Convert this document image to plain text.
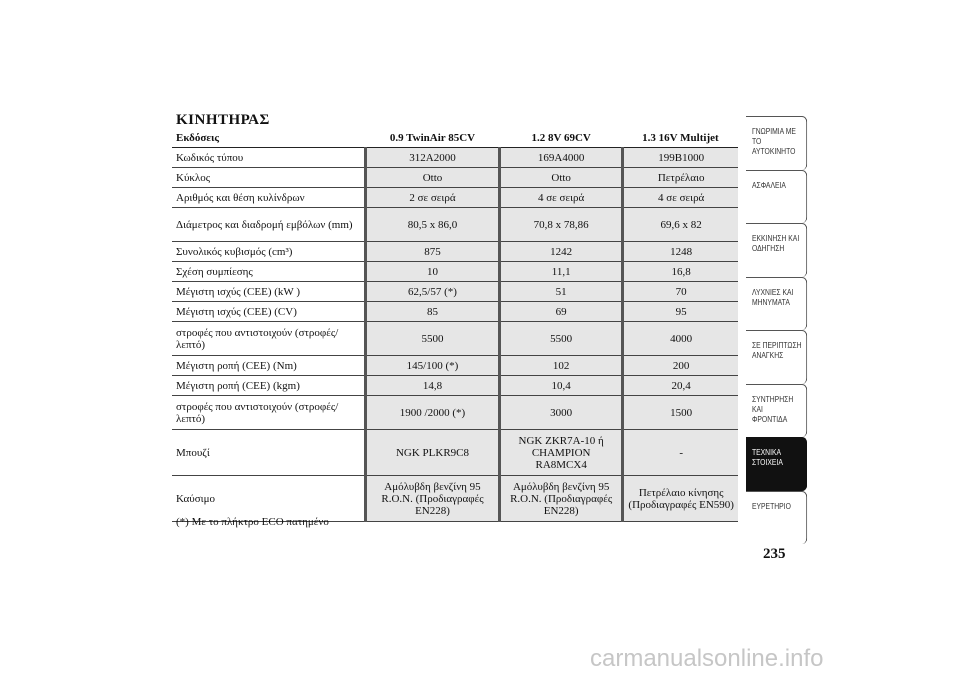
ΚΙΝΗΤΗΡΑΣ
Εκδόσεις	0.9 TwinAir 85CV	1.2 8V 69CV	1.3 16V Multijet
Κωδικός τύπου	312A2000	169A4000	199B1000
Κύκλος	Otto	Otto	Πετρέλαιο
Αριθμός και θέση κυλίνδρων	2 σε σειρά	4 σε σειρά	4 σε σειρά
Διάμετρος και διαδρομή εμβόλων (mm)	80,5 x 86,0	70,8 x 78,86	69,6 x 82
Συνολικός κυβισμός (cm³)	875	1242	1248
Σχέση συμπίεσης	10	11,1	16,8
Μέγιστη ισχύς (CEE) (kW )	62,5/57 (*)	51	70
Μέγιστη ισχύς (CEE) (CV)	85	69	95
στροφές που αντιστοιχούν (στροφές/ λεπτό)	5500	5500	4000
Μέγιστη ροπή (CEE) (Nm)	145/100 (*)	102	200
Μέγιστη ροπή (CEE) (kgm)	14,8	10,4	20,4
στροφές που αντιστοιχούν (στροφές/ λεπτό)	1900 /2000 (*)	3000	1500
Μπουζί	NGK PLKR9C8	NGK ZKR7A-10 ή CHAMPION RA8MCX4	-
Καύσιμο	Αμόλυβδη βενζίνη 95 R.O.N. (Προδιαγραφές EN228)	Αμόλυβδη βενζίνη 95 R.O.N. (Προδιαγραφές EN228)	Πετρέλαιο κίνησης (Προδιαγραφές EN590)
(*) Με το πλήκτρο ECO πατημένο
ΓΝΩΡΙΜΙΑ ΜΕ ΤΟ
ΑΥΤΟΚΙΝΗΤΟ
ΑΣΦΑΛΕΙΑ
ΕΚΚΙΝΗΣΗ ΚΑΙ
ΟΔΗΓΗΣΗ
ΛΥΧΝΙΕΣ ΚΑΙ
ΜΗΝΥΜΑΤΑ
ΣΕ ΠΕΡΙΠΤΩΣΗ
ΑΝΑΓΚΗΣ
ΣΥΝΤΗΡΗΣΗ ΚΑΙ
ΦΡΟΝΤΙΔΑ
ΤΕΧΝΙΚΑ
ΣΤΟΙΧΕΙΑ
ΕΥΡΕΤΗΡΙΟ
235
carmanualsonline.info
